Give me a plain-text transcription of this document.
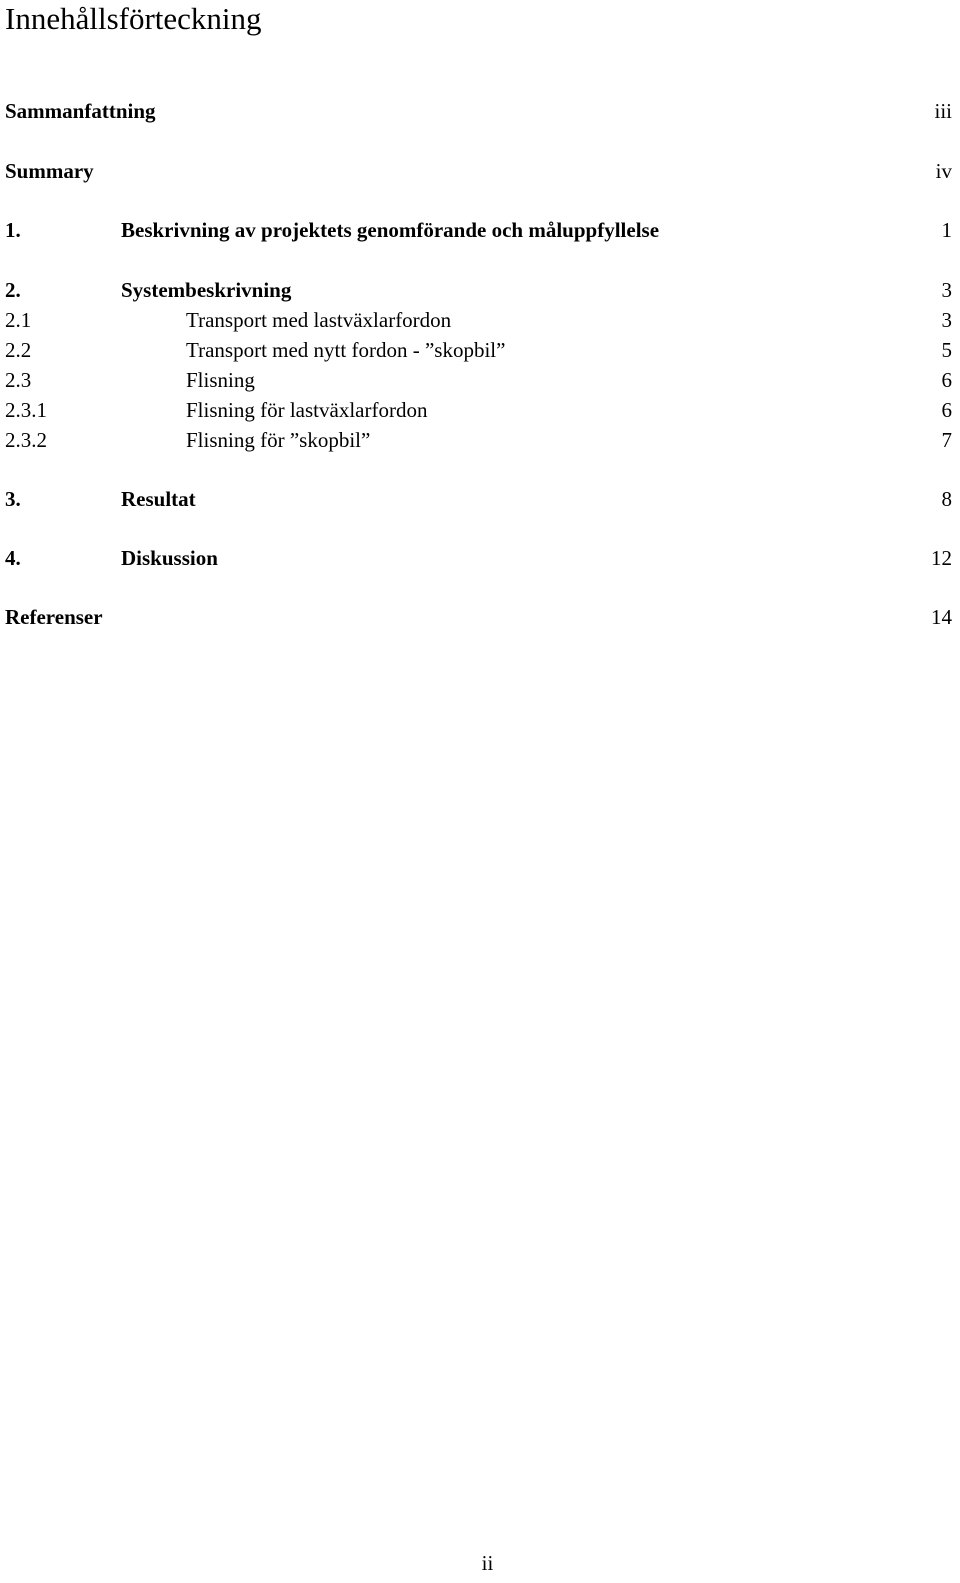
Innehållsförteckning
Sammanfattning	iii
Summary	iv
1.	Beskrivning av projektets genomförande och måluppfyllelse	1
2.	Systembeskrivning	3
2.1	Transport med lastväxlarfordon	3
2.2	Transport med nytt fordon - ”skopbil”	5
2.3	Flisning	6
2.3.1	Flisning för lastväxlarfordon	6
2.3.2	Flisning för ”skopbil”	7
3.	Resultat	8
4.	Diskussion	12
Referenser	14
ii
